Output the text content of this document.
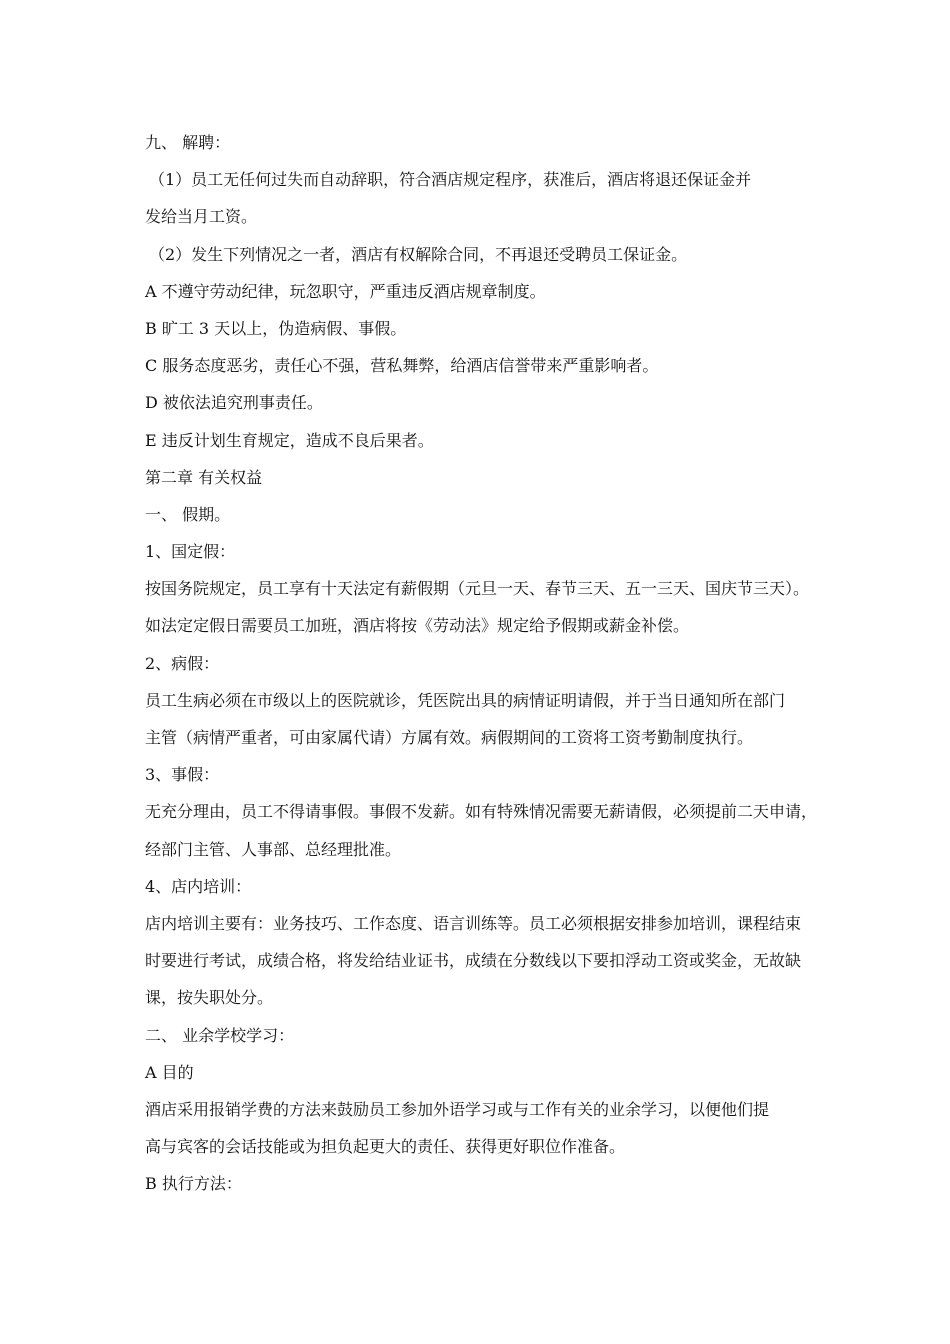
九、 解聘：
（1）员工无任何过失而自动辞职，符合酒店规定程序，获准后，酒店将退还保证金并
发给当月工资。
（2）发生下列情况之一者，酒店有权解除合同，不再退还受聘员工保证金。
A 不遵守劳动纪律，玩忽职守，严重违反酒店规章制度。
B 旷工 3 天以上，伪造病假、事假。
C 服务态度恶劣，责任心不强，营私舞弊，给酒店信誉带来严重影响者。
D 被依法追究刑事责任。
E 违反计划生育规定，造成不良后果者。
第二章 有关权益
一、 假期。
1、国定假：
按国务院规定，员工享有十天法定有薪假期（元旦一天、春节三天、五一三天、国庆节三天）。
如法定定假日需要员工加班，酒店将按《劳动法》规定给予假期或薪金补偿。
2、病假：
员工生病必须在市级以上的医院就诊，凭医院出具的病情证明请假，并于当日通知所在部门
主管（病情严重者，可由家属代请）方属有效。病假期间的工资将工资考勤制度执行。
3、事假：
无充分理由，员工不得请事假。事假不发薪。如有特殊情况需要无薪请假，必须提前二天申请，
经部门主管、人事部、总经理批准。
4、店内培训：
店内培训主要有：业务技巧、工作态度、语言训练等。员工必须根据安排参加培训，课程结束
时要进行考试，成绩合格，将发给结业证书，成绩在分数线以下要扣浮动工资或奖金，无故缺
课，按失职处分。
二、 业余学校学习：
A 目的
酒店采用报销学费的方法来鼓励员工参加外语学习或与工作有关的业余学习，以便他们提
高与宾客的会话技能或为担负起更大的责任、获得更好职位作准备。
B 执行方法：
